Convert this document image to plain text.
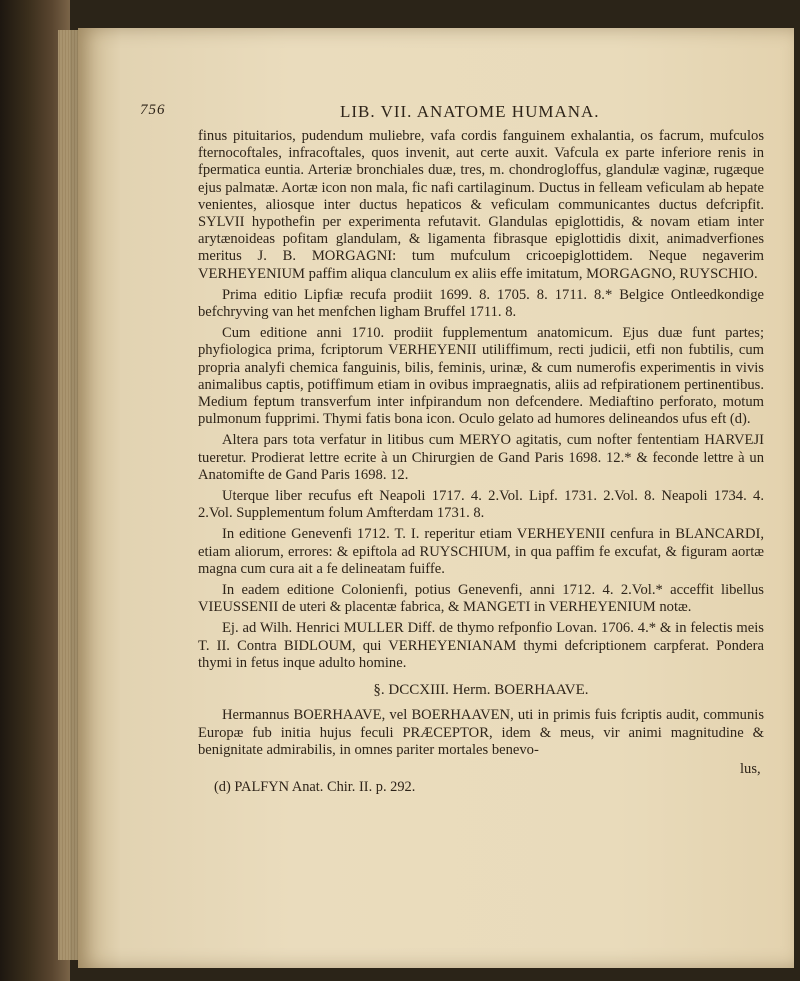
756	LIB. VII. ANATOME HUMANA.

finus pituitarios, pudendum muliebre, vafa cordis fanguinem exhalantia, os facrum, mufculos fternocoftales, infracoftales, quos invenit, aut certe auxit. Vafcula ex parte inferiore renis in fpermatica euntia. Arteriæ bronchiales duæ, tres, m. chondrogloffus, glandulæ vaginæ, rugæque ejus palmatæ. Aortæ icon non mala, fic nafi cartilaginum. Ductus in felleam veficulam ab hepate venientes, aliosque inter ductus hepaticos & veficulam communicantes ductus defcripfit. SYLVII hypothefin per experimenta refutavit. Glandulas epiglottidis, & novam etiam inter arytænoideas pofitam glandulam, & ligamenta fibrasque epiglottidis dixit, animadverfiones meritus J. B. MORGAGNI: tum mufculum cricoepiglottidem. Neque negaverim VERHEYENIUM paffim aliqua clanculum ex aliis effe imitatum, MORGAGNO, RUYSCHIO.

Prima editio Lipfiæ recufa prodiit 1699. 8. 1705. 8. 1711. 8.* Belgice Ontleedkondige befchryving van het menfchen ligham Bruffel 1711. 8.

Cum editione anni 1710. prodiit fupplementum anatomicum. Ejus duæ funt partes; phyfiologica prima, fcriptorum VERHEYENII utiliffimum, recti judicii, etfi non fubtilis, cum propria analyfi chemica fanguinis, bilis, feminis, urinæ, & cum numerofis experimentis in vivis animalibus captis, potiffimum etiam in ovibus impraegnatis, aliis ad refpirationem pertinentibus. Medium feptum transverfum inter infpirandum non defcendere. Mediaftino perforato, motum pulmonum fupprimi. Thymi fatis bona icon. Oculo gelato ad humores delineandos ufus eft (d).

Altera pars tota verfatur in litibus cum MERYO agitatis, cum nofter fententiam HARVEJI tueretur. Prodierat lettre ecrite à un Chirurgien de Gand Paris 1698. 12.* & feconde lettre à un Anatomifte de Gand Paris 1698. 12.

Uterque liber recufus eft Neapoli 1717. 4. 2.Vol. Lipf. 1731. 2.Vol. 8. Neapoli 1734. 4. 2.Vol. Supplementum folum Amfterdam 1731. 8.

In editione Genevenfi 1712. T. I. reperitur etiam VERHEYENII cenfura in BLANCARDI, etiam aliorum, errores: & epiftola ad RUYSCHIUM, in qua paffim fe excufat, & figuram aortæ magna cum cura ait a fe delineatam fuiffe.

In eadem editione Colonienfi, potius Genevenfi, anni 1712. 4. 2.Vol.* acceffit libellus VIEUSSENII de uteri & placentæ fabrica, & MANGETI in VERHEYENIUM notæ.

Ej. ad Wilh. Henrici MULLER Diff. de thymo refponfio Lovan. 1706. 4.* & in felectis meis T. II. Contra BIDLOUM, qui VERHEYENIANAM thymi defcriptionem carpferat. Pondera thymi in fetus inque adulto homine.

§. DCCXIII. Herm. BOERHAAVE.

Hermannus BOERHAAVE, vel BOERHAAVEN, uti in primis fuis fcriptis audit, communis Europæ fub initia hujus feculi PRÆCEPTOR, idem & meus, vir animi magnitudine & benignitate admirabilis, in omnes pariter mortales benevo-

lus,
(d) PALFYN Anat. Chir. II. p. 292.
